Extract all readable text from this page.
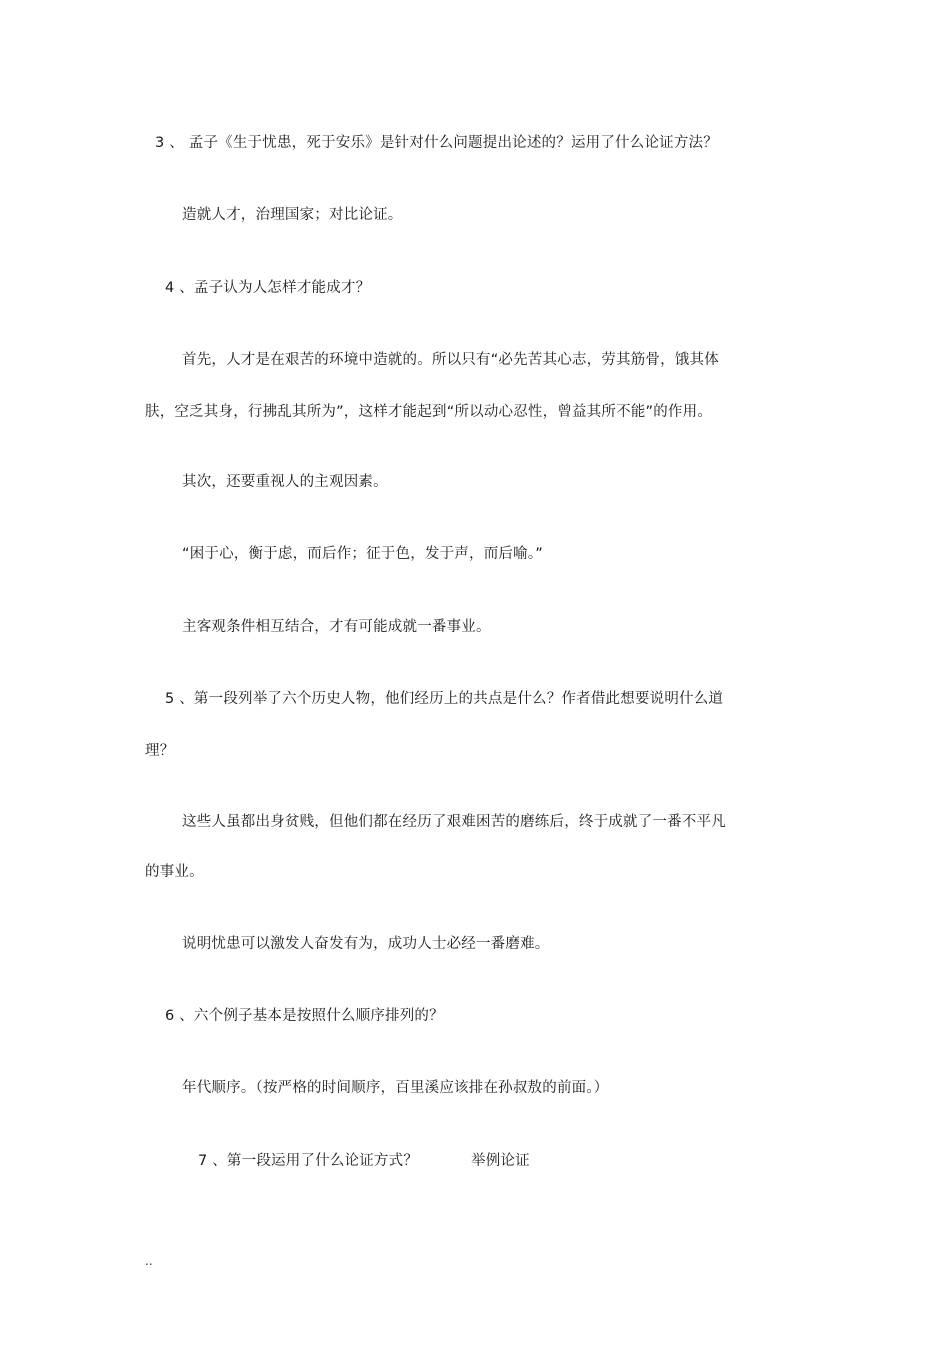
3 、 孟子《生于忧患，死于安乐》是针对什么问题提出论述的？运用了什么论证方法？
造就人才，治理国家；对比论证。
4 、孟子认为人怎样才能成才？
首先，人才是在艰苦的环境中造就的。所以只有“必先苦其心志，劳其筋骨，饿其体
肤，空乏其身，行拂乱其所为”，这样才能起到“所以动心忍性，曾益其所不能”的作用。
其次，还要重视人的主观因素。
“困于心，衡于虑，而后作；征于色，发于声，而后喻。”
主客观条件相互结合，才有可能成就一番事业。
5 、第一段列举了六个历史人物，他们经历上的共点是什么？作者借此想要说明什么道
理？
这些人虽都出身贫贱，但他们都在经历了艰难困苦的磨练后，终于成就了一番不平凡
的事业。
说明忧患可以激发人奋发有为，成功人士必经一番磨难。
6 、六个例子基本是按照什么顺序排列的？
年代顺序。（按严格的时间顺序，百里溪应该排在孙叔敖的前面。）
7 、第一段运用了什么论证方式？	举例论证
..
